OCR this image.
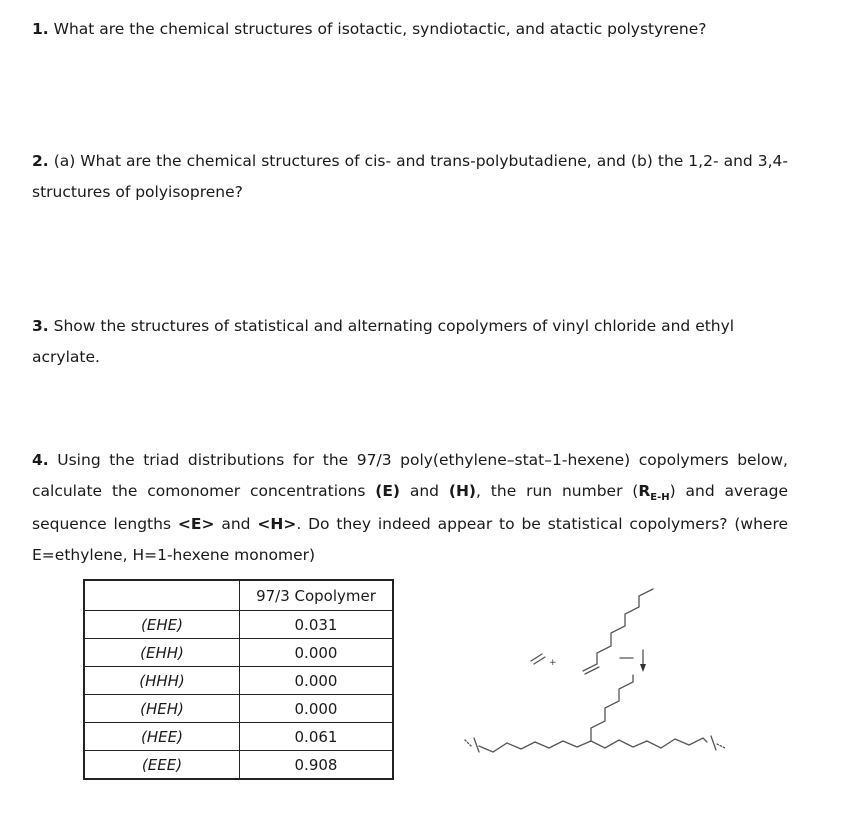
1. What are the chemical structures of isotactic, syndiotactic, and atactic polystyrene?
2. (a) What are the chemical structures of cis- and trans-polybutadiene, and (b) the 1,2- and 3,4-structures of polyisoprene?
3. Show the structures of statistical and alternating copolymers of vinyl chloride and ethyl acrylate.
4. Using the triad distributions for the 97/3 poly(ethylene–stat–1-hexene) copolymers below, calculate the comonomer concentrations (E) and (H), the run number $(R_{E-H})$ and average sequence lengths <E> and <H>. Do they indeed appear to be statistical copolymers? (where E=ethylene, H=1-hexene monomer)
	97/3 Copolymer
(EHE)	0.031
(EHH)	0.000
(HHH)	0.000
(HEH)	0.000
(HEE)	0.061
(EEE)	0.908
+
